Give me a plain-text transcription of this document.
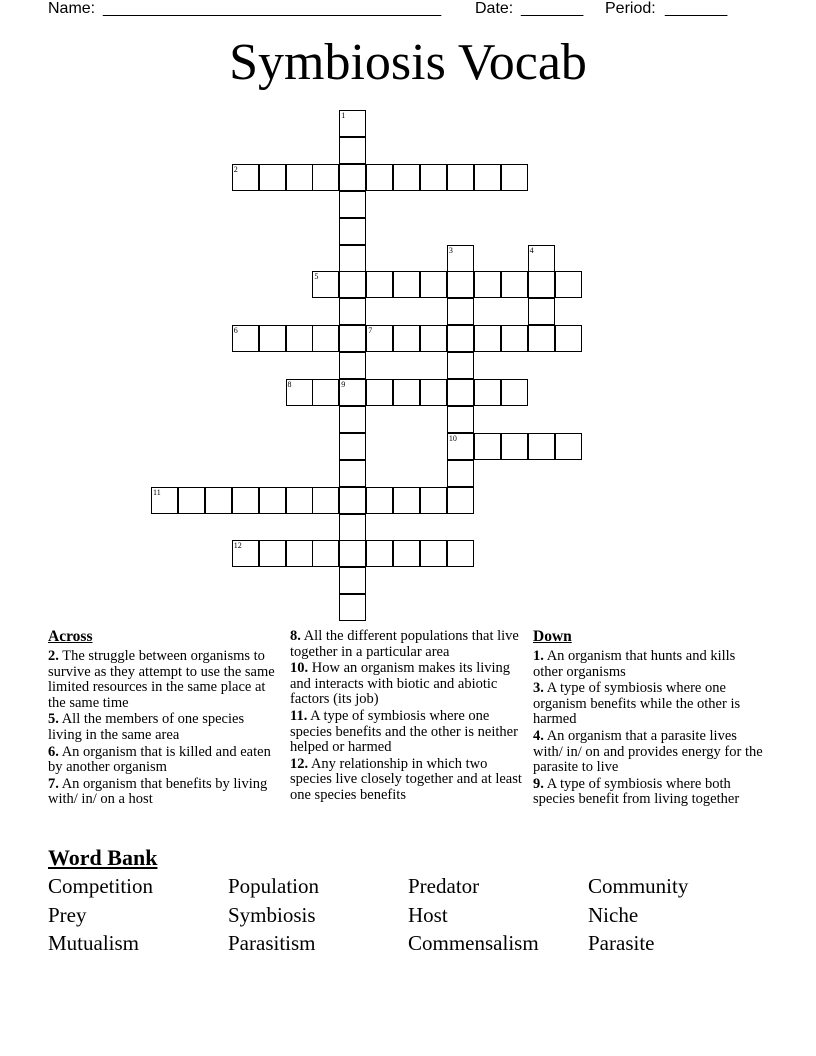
Name: ______________________________________ Date: _______ Period: _______
Symbiosis Vocab
2
5
6	7
8	9
10
11
12
1
3	4
Across

2. The struggle between organisms to survive as they attempt to use the same limited resources in the same place at the same time

5. All the members of one species living in the same area

6. An organism that is killed and eaten by another organism

7. An organism that benefits by living with/ in/ on a host

8. All the different populations that live together in a particular area

10. How an organism makes its living and interacts with biotic and abiotic factors (its job)

11. A type of symbiosis where one species benefits and the other is neither helped or harmed

12. Any relationship in which two species live closely together and at least one species benefits

Down

1. An organism that hunts and kills other organisms

3. A type of symbiosis where one organism benefits while the other is harmed

4. An organism that a parasite lives with/ in/ on and provides energy for the parasite to live

9. A type of symbiosis where both species benefit from living together

Word Bank
Competition	Population	Predator	Community
Prey	Symbiosis	Host	Niche
Mutualism	Parasitism	Commensalism	Parasite
